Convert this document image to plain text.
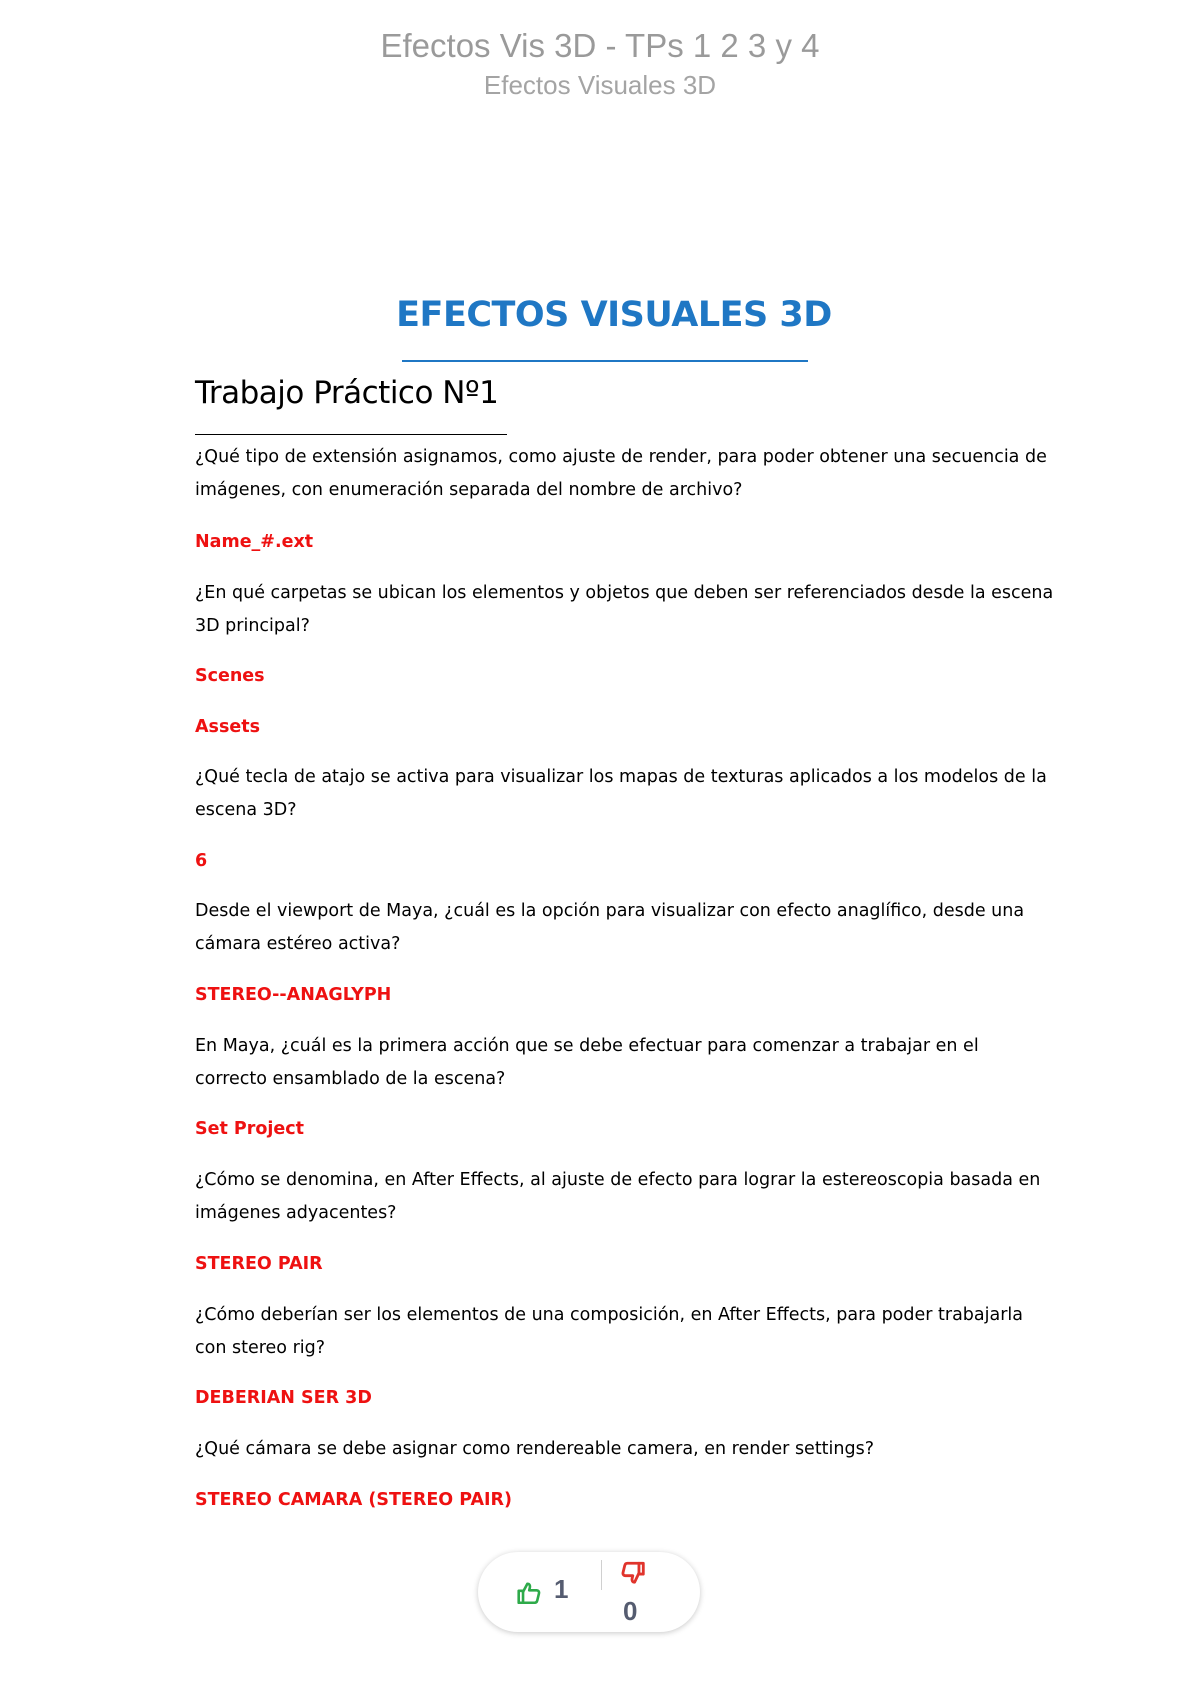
Efectos Vis 3D - TPs 1 2 3 y 4
Efectos Visuales 3D
EFECTOS VISUALES 3D
Trabajo Práctico Nº1

¿Qué tipo de extensión asignamos, como ajuste de render, para poder obtener una secuencia de imágenes, con enumeración separada del nombre de archivo?

Name_#.ext

¿En qué carpetas se ubican los elementos y objetos que deben ser referenciados desde la escena 3D principal?

Scenes

Assets

¿Qué tecla de atajo se activa para visualizar los mapas de texturas aplicados a los modelos de la escena 3D?

6

Desde el viewport de Maya, ¿cuál es la opción para visualizar con efecto anaglífico, desde una cámara estéreo activa?

STEREO--ANAGLYPH

En Maya, ¿cuál es la primera acción que se debe efectuar para comenzar a trabajar en el correcto ensamblado de la escena?

Set Project

¿Cómo se denomina, en After Effects, al ajuste de efecto para lograr la estereoscopia basada en imágenes adyacentes?

STEREO PAIR

¿Cómo deberían ser los elementos de una composición, en After Effects, para poder trabajarla con stereo rig?

DEBERIAN SER 3D

¿Qué cámara se debe asignar como rendereable camera, en render settings?

STEREO CAMARA (STEREO PAIR)

1
0
